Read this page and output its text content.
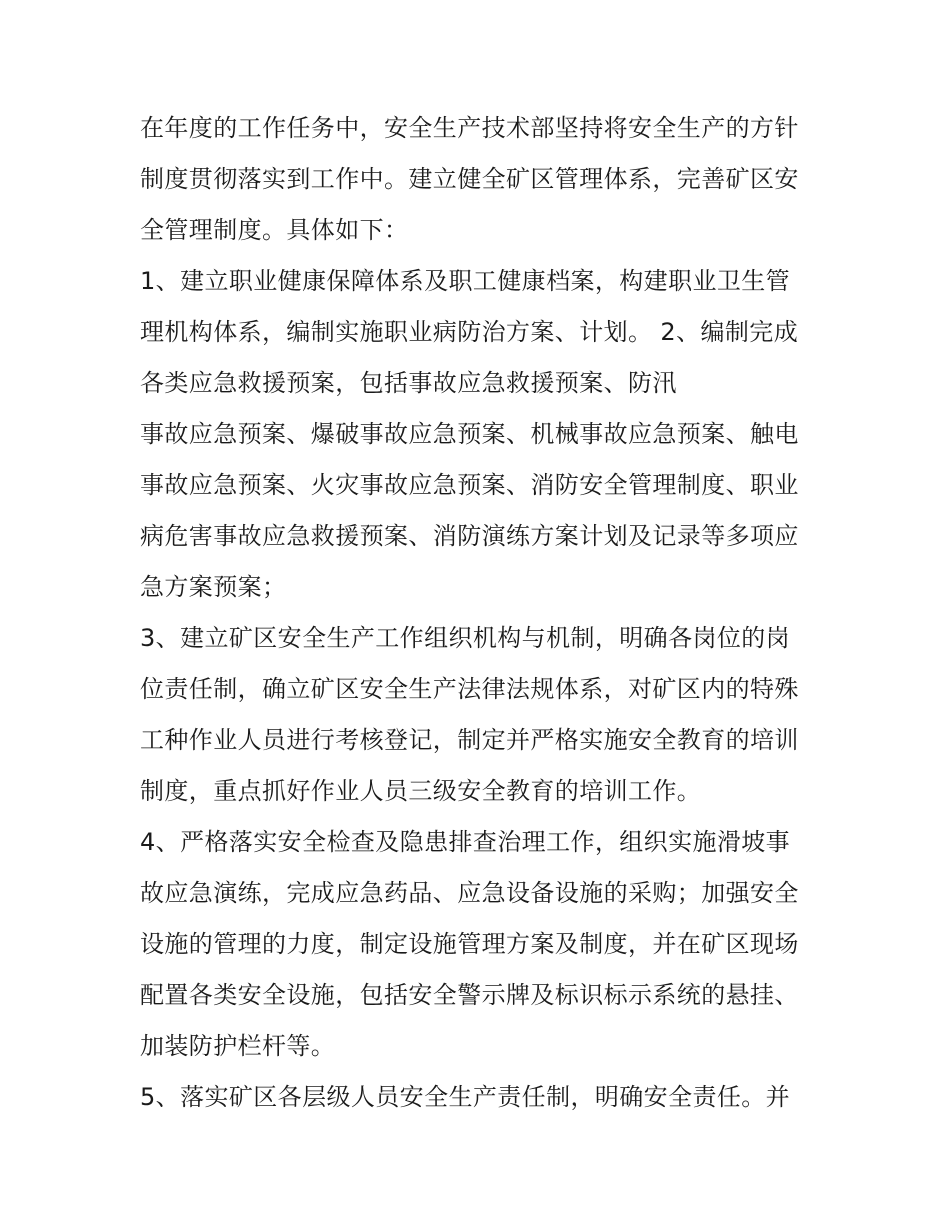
在年度的工作任务中，安全生产技术部坚持将安全生产的方针
制度贯彻落实到工作中。建立健全矿区管理体系，完善矿区安
全管理制度。具体如下：
1、建立职业健康保障体系及职工健康档案，构建职业卫生管
理机构体系，编制实施职业病防治方案、计划。 2、编制完成
各类应急救援预案，包括事故应急救援预案、防汛
事故应急预案、爆破事故应急预案、机械事故应急预案、触电
事故应急预案、火灾事故应急预案、消防安全管理制度、职业
病危害事故应急救援预案、消防演练方案计划及记录等多项应
急方案预案；
3、建立矿区安全生产工作组织机构与机制，明确各岗位的岗
位责任制，确立矿区安全生产法律法规体系，对矿区内的特殊
工种作业人员进行考核登记，制定并严格实施安全教育的培训
制度，重点抓好作业人员三级安全教育的培训工作。
4、严格落实安全检查及隐患排查治理工作，组织实施滑坡事
故应急演练，完成应急药品、应急设备设施的采购；加强安全
设施的管理的力度，制定设施管理方案及制度，并在矿区现场
配置各类安全设施，包括安全警示牌及标识标示系统的悬挂、
加装防护栏杆等。
5、落实矿区各层级人员安全生产责任制，明确安全责任。并
